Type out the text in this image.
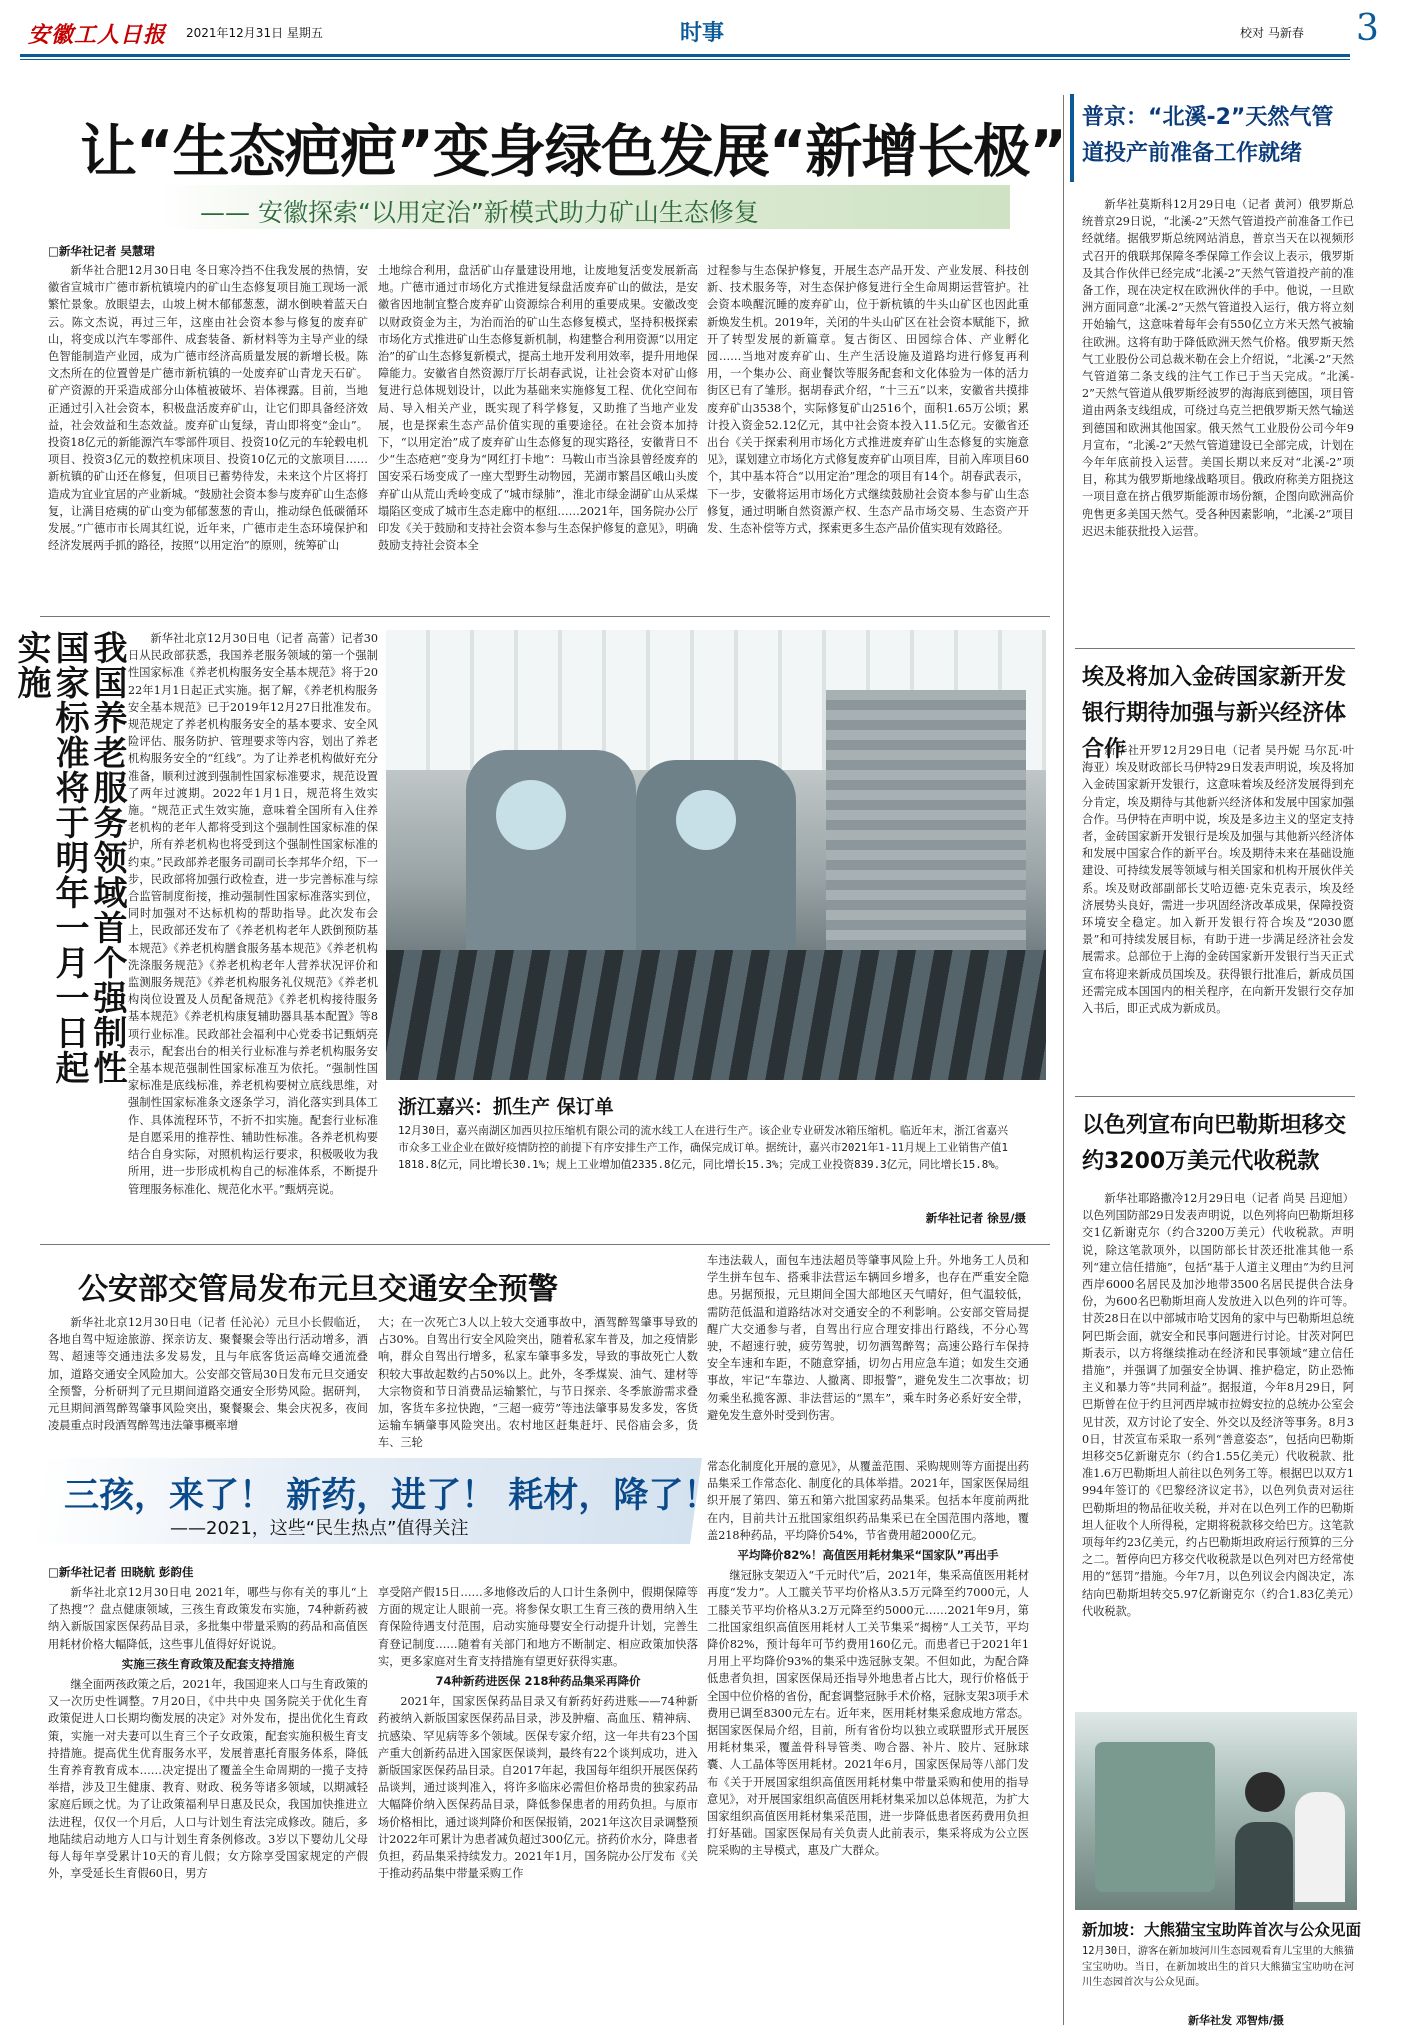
安徽工人日报 2021年12月31日 星期五	时事	校对 马新春 3
让“生态疤疤”变身绿色发展“新增长极”
—— 安徽探索“以用定治”新模式助力矿山生态修复
□新华社记者 吴慧珺

新华社合肥12月30日电 冬日寒冷挡不住我发展的热情，安徽省宣城市广德市新杭镇境内的矿山生态修复项目施工现场一派繁忙景象。放眼望去，山坡上树木郁郁葱葱，湖水倒映着蓝天白云。陈文杰说，再过三年，这座由社会资本参与修复的废弃矿山，将变成以汽车零部件、成套装备、新材料等为主导产业的绿色智能制造产业园，成为广德市经济高质量发展的新增长极。陈文杰所在的位置曾是广德市新杭镇的一处废弃矿山青龙天石矿。矿产资源的开采造成部分山体植被破坏、岩体裸露。目前，当地正通过引入社会资本，积极盘活废弃矿山，让它们即具备经济效益，社会效益和生态效益。废弃矿山复绿，青山即将变“金山”。投资18亿元的新能源汽车零部件项目、投资10亿元的车轮毂电机项目、投资3亿元的数控机床项目、投资10亿元的文旅项目……新杭镇的矿山还在修复，但项目已蓄势待发，未来这个片区将打造成为宜业宜居的产业新城。“鼓励社会资本参与废弃矿山生态修复，让满目疮痍的矿山变为郁郁葱葱的青山，推动绿色低碳循环发展。”广德市市长周其红说，近年来，广德市走生态环境保护和经济发展两手抓的路径，按照“以用定治”的原则，统筹矿山

土地综合利用，盘活矿山存量建设用地，让废地复活变发展新高地。广德市通过市场化方式推进复绿盘活废弃矿山的做法，是安徽省因地制宜整合废弃矿山资源综合利用的重要成果。安徽改变以财政资金为主，为治而治的矿山生态修复模式，坚持积极探索市场化方式推进矿山生态修复新机制，构建整合利用资源“以用定治”的矿山生态修复新模式，提高土地开发利用效率，提升用地保障能力。安徽省自然资源厅厅长胡春武说，让社会资本对矿山修复进行总体规划设计，以此为基础来实施修复工程、优化空间布局、导入相关产业，既实现了科学修复，又助推了当地产业发展，也是探索生态产品价值实现的重要途径。在社会资本加持下，“以用定治”成了废弃矿山生态修复的现实路径，安徽背日不少“生态疮疤”变身为“网红打卡地”：马鞍山市当涂县曾经废弃的国安采石场变成了一座大型野生动物园，芜湖市繁昌区峨山头废弃矿山从荒山秃岭变成了“城市绿肺”，淮北市绿金湖矿山从采煤塌陷区变成了城市生态走廊中的枢纽……2021年，国务院办公厅印发《关于鼓励和支持社会资本参与生态保护修复的意见》，明确鼓励支持社会资本全

过程参与生态保护修复，开展生态产品开发、产业发展、科技创新、技术服务等，对生态保护修复进行全生命周期运营管护。社会资本唤醒沉睡的废弃矿山，位于新杭镇的牛头山矿区也因此重新焕发生机。2019年，关闭的牛头山矿区在社会资本赋能下，掀开了转型发展的新篇章。复古街区、田园综合体、产业孵化园……当地对废弃矿山、生产生活设施及道路均进行修复再利用，一个集办公、商业餐饮等服务配套和文化体验为一体的活力街区已有了雏形。据胡春武介绍，“十三五”以来，安徽省共摸排废弃矿山3538个，实际修复矿山2516个，面积1.65万公顷；累计投入资金52.12亿元，其中社会资本投入11.5亿元。安徽省还出台《关于探索利用市场化方式推进废弃矿山生态修复的实施意见》，谋划建立市场化方式修复废弃矿山项目库，目前入库项目60个，其中基本符合“以用定治”理念的项目有14个。胡春武表示，下一步，安徽将运用市场化方式继续鼓励社会资本参与矿山生态修复，通过明晰自然资源产权、生态产品市场交易、生态资产开发、生态补偿等方式，探索更多生态产品价值实现有效路径。

我国养老服务领域首个强制性国家标准将于明年一月一日起实施	新华社北京12月30日电（记者 高蕾）记者30日从民政部获悉，我国养老服务领域的第一个强制性国家标准《养老机构服务安全基本规范》将于2022年1月1日起正式实施。据了解，《养老机构服务安全基本规范》已于2019年12月27日批准发布。规范规定了养老机构服务安全的基本要求、安全风险评估、服务防护、管理要求等内容，划出了养老机构服务安全的“红线”。为了让养老机构做好充分准备，顺利过渡到强制性国家标准要求，规范设置了两年过渡期。2022年1月1日，规范将生效实施。“规范正式生效实施，意味着全国所有入住养老机构的老年人都将受到这个强制性国家标准的保护，所有养老机构也将受到这个强制性国家标准的约束。”民政部养老服务司副司长李邦华介绍，下一步，民政部将加强行政检查，进一步完善标准与综合监管制度衔接，推动强制性国家标准落实到位，同时加强对不达标机构的帮助指导。此次发布会上，民政部还发布了《养老机构老年人跌倒预防基本规范》《养老机构膳食服务基本规范》《养老机构洗涤服务规范》《养老机构老年人营养状况评价和监测服务规范》《养老机构服务礼仪规范》《养老机构岗位设置及人员配备规范》《养老机构接待服务基本规范》《养老机构康复辅助器具基本配置》等8项行业标准。民政部社会福利中心党委书记甄炳亮表示，配套出台的相关行业标准与养老机构服务安全基本规范强制性国家标准互为依托。“强制性国家标准是底线标准，养老机构要树立底线思维，对强制性国家标准条文逐条学习，消化落实到具体工作、具体流程环节，不折不扣实施。配套行业标准是自愿采用的推荐性、辅助性标准。各养老机构要结合自身实际，对照机构运行要求，积极吸收为我所用，进一步形成机构自己的标准体系，不断提升管理服务标准化、规范化水平。”甄炳亮说。

浙江嘉兴：抓生产 保订单
12月30日，嘉兴南湖区加西贝拉压缩机有限公司的流水线工人在进行生产。该企业专业研发冰箱压缩机。临近年末，浙江省嘉兴市众多工业企业在做好疫情防控的前提下有序安排生产工作，确保完成订单。据统计，嘉兴市2021年1-11月规上工业销售产值11818.8亿元，同比增长30.1%；规上工业增加值2335.8亿元，同比增长15.3%；完成工业投资839.3亿元，同比增长15.8%。
新华社记者 徐昱/摄
公安部交管局发布元旦交通安全预警

新华社北京12月30日电（记者 任沁沁）元旦小长假临近，各地自驾中短途旅游、探亲访友、聚餐聚会等出行活动增多，酒驾、超速等交通违法多发易发，且与年底客货运高峰交通流叠加，道路交通安全风险加大。公安部交管局30日发布元旦交通安全预警，分析研判了元旦期间道路交通安全形势风险。据研判，元旦期间酒驾醉驾肇事风险突出，聚餐聚会、集会庆祝多，夜间凌晨重点时段酒驾醉驾违法肇事概率增

大；在一次死亡3人以上较大交通事故中，酒驾醉驾肇事导致的占30%。自驾出行安全风险突出，随着私家车普及，加之疫情影响，群众自驾出行增多，私家车肇事多发，导致的事故死亡人数积较大事故起数约占50%以上。此外，冬季煤炭、油气、建材等大宗物资和节日消费品运输繁忙，与节日探亲、冬季旅游需求叠加，客货车多拉快跑，“三超一疲劳”等违法肇事易发多发，客货运输车辆肇事风险突出。农村地区赶集赶圩、民俗庙会多，货车、三轮

车违法载人，面包车违法超员等肇事风险上升。外地务工人员和学生拼车包车、搭乘非法营运车辆回乡增多，也存在严重安全隐患。另据预报，元旦期间全国大部地区天气晴好，但气温较低，需防范低温和道路结冰对交通安全的不利影响。公安部交管局提醒广大交通参与者，自驾出行应合理安排出行路线，不分心驾驶，不超速行驶，疲劳驾驶，切勿酒驾醉驾；高速公路行车保持安全车速和车距，不随意穿插，切勿占用应急车道；如发生交通事故，牢记“车靠边、人撤离、即报警”，避免发生二次事故；切勿乘坐私揽客源、非法营运的“黑车”，乘车时务必系好安全带，避免发生意外时受到伤害。

三孩，来了！ 新药，进了！ 耗材，降了！
——2021，这些“民生热点”值得关注
□新华社记者 田晓航 彭韵佳

新华社北京12月30日电 2021年，哪些与你有关的事儿“上了热搜”？盘点健康领域，三孩生育政策发布实施，74种新药被纳入新版国家医保药品目录，多批集中带量采购的药品和高值医用耗材价格大幅降低，这些事儿值得好好说说。

实施三孩生育政策及配套支持措施

继全面两孩政策之后，2021年，我国迎来人口与生育政策的又一次历史性调整。7月20日，《中共中央 国务院关于优化生育政策促进人口长期均衡发展的决定》对外发布，提出优化生育政策，实施一对夫妻可以生育三个子女政策，配套实施积极生育支持措施。提高优生优育服务水平，发展普惠托育服务体系，降低生育养育教育成本……决定提出了覆盖全生命周期的一揽子支持举措，涉及卫生健康、教育、财政、税务等诸多领域，以期减轻家庭后顾之忧。为了让政策福利早日惠及民众，我国加快推进立法进程，仅仅一个月后，人口与计划生育法完成修改。随后，多地陆续启动地方人口与计划生育条例修改。3岁以下婴幼儿父母每人每年享受累计10天的育儿假；女方除享受国家规定的产假外，享受延长生育假60日，男方

享受陪产假15日……多地修改后的人口计生条例中，假期保障等方面的规定让人眼前一亮。将参保女职工生育三孩的费用纳入生育保险待遇支付范围，启动实施母婴安全行动提升计划，完善生育登记制度……随着有关部门和地方不断制定、相应政策加快落实，更多家庭对生育支持措施有望更好获得实惠。

74种新药进医保 218种药品集采再降价

2021年，国家医保药品目录又有新药好药进账——74种新药被纳入新版国家医保药品目录，涉及肿瘤、高血压、精神病、抗感染、罕见病等多个领域。医保专家介绍，这一年共有23个国产重大创新药品进入国家医保谈判，最终有22个谈判成功，进入新版国家医保药品目录。自2017年起，我国每年组织开展医保药品谈判，通过谈判准入，将许多临床必需但价格昂贵的独家药品大幅降价纳入医保药品目录，降低参保患者的用药负担。与原市场价格相比，通过谈判降价和医保报销，2021年这次目录调整预计2022年可累计为患者减负超过300亿元。挤药价水分，降患者负担，药品集采持续发力。2021年1月，国务院办公厅发布《关于推动药品集中带量采购工作

常态化制度化开展的意见》，从覆盖范围、采购规则等方面提出药品集采工作常态化、制度化的具体举措。2021年，国家医保局组织开展了第四、第五和第六批国家药品集采。包括本年度前两批在内，目前共计五批国家组织药品集采已在全国范围内落地，覆盖218种药品，平均降价54%，节省费用超2000亿元。

平均降价82%！高值医用耗材集采“国家队”再出手

继冠脉支架迈入“千元时代”后，2021年，集采高值医用耗材再度“发力”。人工髋关节平均价格从3.5万元降至约7000元，人工膝关节平均价格从3.2万元降至约5000元……2021年9月，第二批国家组织高值医用耗材人工关节集采“揭榜”人工关节，平均降价82%，预计每年可节约费用160亿元。而患者已于2021年1月用上平均降价93%的集采中选冠脉支架。不但如此，为配合降低患者负担，国家医保局还指导外地患者占比大，现行价格低于全国中位价格的省份，配套调整冠脉手术价格，冠脉支架3项手术费用已调至8300元左右。近年来，医用耗材集采愈成地方常态。据国家医保局介绍，目前，所有省份均以独立或联盟形式开展医用耗材集采，覆盖骨科导管类、吻合器、补片、胶片、冠脉球囊、人工晶体等医用耗材。2021年6月，国家医保局等八部门发布《关于开展国家组织高值医用耗材集中带量采购和使用的指导意见》，对开展国家组织高值医用耗材集采加以总体规范，为扩大国家组织高值医用耗材集采范围，进一步降低患者医药费用负担打好基础。国家医保局有关负责人此前表示，集采将成为公立医院采购的主导模式，惠及广大群众。

普京：“北溪-2”天然气管道投产前准备工作就绪

新华社莫斯科12月29日电（记者 黄河）俄罗斯总统普京29日说，“北溪-2”天然气管道投产前准备工作已经就绪。据俄罗斯总统网站消息，普京当天在以视频形式召开的俄联邦保障冬季保障工作会议上表示，俄罗斯及其合作伙伴已经完成“北溪-2”天然气管道投产前的准备工作，现在决定权在欧洲伙伴的手中。他说，一旦欧洲方面同意“北溪-2”天然气管道投入运行，俄方将立刻开始输气，这意味着每年会有550亿立方米天然气被输往欧洲。这将有助于降低欧洲天然气价格。俄罗斯天然气工业股份公司总裁米勒在会上介绍说，“北溪-2”天然气管道第二条支线的注气工作已于当天完成。“北溪-2”天然气管道从俄罗斯经波罗的海海底到德国，项目管道由两条支线组成，可绕过乌克兰把俄罗斯天然气输送到德国和欧洲其他国家。俄天然气工业股份公司今年9月宣布，“北溪-2”天然气管道建设已全部完成，计划在今年年底前投入运营。美国长期以来反对“北溪-2”项目，称其为俄罗斯地缘战略项目。俄政府称美方阻挠这一项目意在挤占俄罗斯能源市场份额，企图向欧洲高价兜售更多美国天然气。受各种因素影响，“北溪-2”项目迟迟未能获批投入运营。

埃及将加入金砖国家新开发银行期待加强与新兴经济体合作

新华社开罗12月29日电（记者 吴丹妮 马尔瓦·叶海亚）埃及财政部长马伊特29日发表声明说，埃及将加入金砖国家新开发银行，这意味着埃及经济发展得到充分肯定，埃及期待与其他新兴经济体和发展中国家加强合作。马伊特在声明中说，埃及是多边主义的坚定支持者，金砖国家新开发银行是埃及加强与其他新兴经济体和发展中国家合作的新平台。埃及期待未来在基础设施建设、可持续发展等领域与相关国家和机构开展伙伴关系。埃及财政部副部长艾哈迈德·克朱克表示，埃及经济展势头良好，需进一步巩固经济改革成果，保障投资环境安全稳定。加入新开发银行符合埃及“2030愿景”和可持续发展目标，有助于进一步满足经济社会发展需求。总部位于上海的金砖国家新开发银行当天正式宣布将迎来新成员国埃及。获得银行批准后，新成员国还需完成本国国内的相关程序，在向新开发银行交存加入书后，即正式成为新成员。

以色列宣布向巴勒斯坦移交约3200万美元代收税款

新华社耶路撒冷12月29日电（记者 尚昊 吕迎旭）以色列国防部29日发表声明说，以色列将向巴勒斯坦移交1亿新谢克尔（约合3200万美元）代收税款。声明说，除这笔款项外，以国防部长甘茨还批准其他一系列“建立信任措施”，包括“基于人道主义理由”为约旦河西岸6000名居民及加沙地带3500名居民提供合法身份，为600名巴勒斯坦商人发放进入以色列的许可等。甘茨28日在以中部城市哈艾因角的家中与巴勒斯坦总统阿巴斯会面，就安全和民事问题进行讨论。甘茨对阿巴斯表示，以方将继续推动在经济和民事领域“建立信任措施”，并强调了加强安全协调、推护稳定，防止恐怖主义和暴力等“共同利益”。据报道，今年8月29日，阿巴斯曾在位于约旦河西岸城市拉姆安拉的总统办公室会见甘茨，双方讨论了安全、外交以及经济等事务。8月30日，甘茨宣布采取一系列“善意姿态”，包括向巴勒斯坦移交5亿新谢克尔（约合1.55亿美元）代收税款、批准1.6万巴勒斯坦人前往以色列务工等。根据巴以双方1994年签订的《巴黎经济议定书》，以色列负责对运往巴勒斯坦的物品征收关税，并对在以色列工作的巴勒斯坦人征收个人所得税，定期将税款移交给巴方。这笔款项每年约23亿美元，约占巴勒斯坦政府运行预算的三分之二。暂停向巴方移交代收税款是以色列对巴方经常使用的“惩罚”措施。今年7月，以色列议会内阁决定，冻结向巴勒斯坦转交5.97亿新谢克尔（约合1.83亿美元）代收税款。

新加坡：大熊猫宝宝助阵首次与公众见面
12月30日，游客在新加坡河川生态园观看育儿宝里的大熊猫宝宝叻叻。当日，在新加坡出生的首只大熊猫宝宝叻叻在河川生态园首次与公众见面。
新华社发 邓智炜/摄
